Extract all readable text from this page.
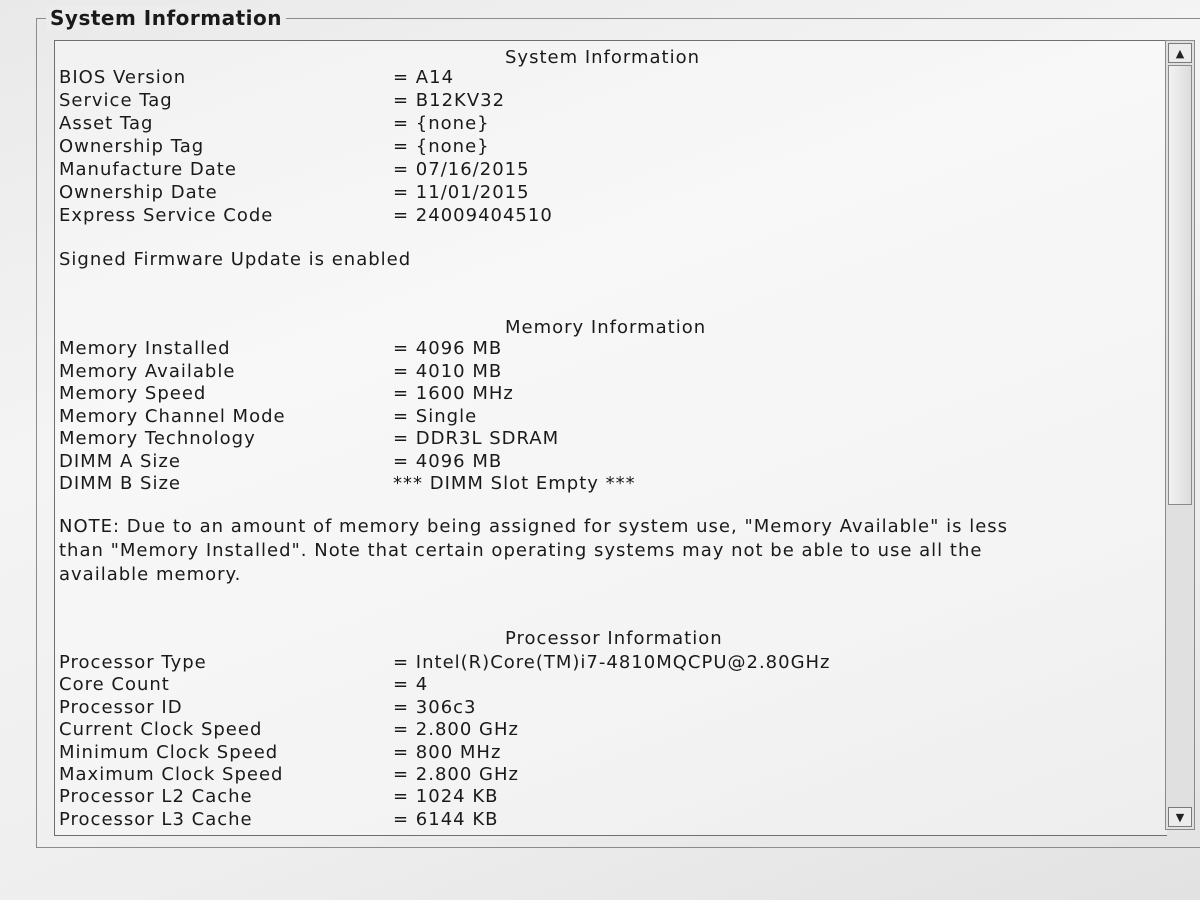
System Information
System Information
BIOS Version	= A14
Service Tag	= B12KV32
Asset Tag	= {none}
Ownership Tag	= {none}
Manufacture Date	= 07/16/2015
Ownership Date	= 11/01/2015
Express Service Code	= 24009404510
Signed Firmware Update is enabled
Memory Information
Memory Installed	= 4096 MB
Memory Available	= 4010 MB
Memory Speed	= 1600 MHz
Memory Channel Mode	= Single
Memory Technology	= DDR3L SDRAM
DIMM A Size	= 4096 MB
DIMM B Size	*** DIMM Slot Empty ***
NOTE: Due to an amount of memory being assigned for system use, "Memory Available" is less
than "Memory Installed". Note that certain operating systems may not be able to use all the
available memory.
Processor Information
Processor Type	= Intel(R)Core(TM)i7-4810MQCPU@2.80GHz
Core Count	= 4
Processor ID	= 306c3
Current Clock Speed	= 2.800 GHz
Minimum Clock Speed	= 800 MHz
Maximum Clock Speed	= 2.800 GHz
Processor L2 Cache	= 1024 KB
Processor L3 Cache	= 6144 KB
▲
▼
